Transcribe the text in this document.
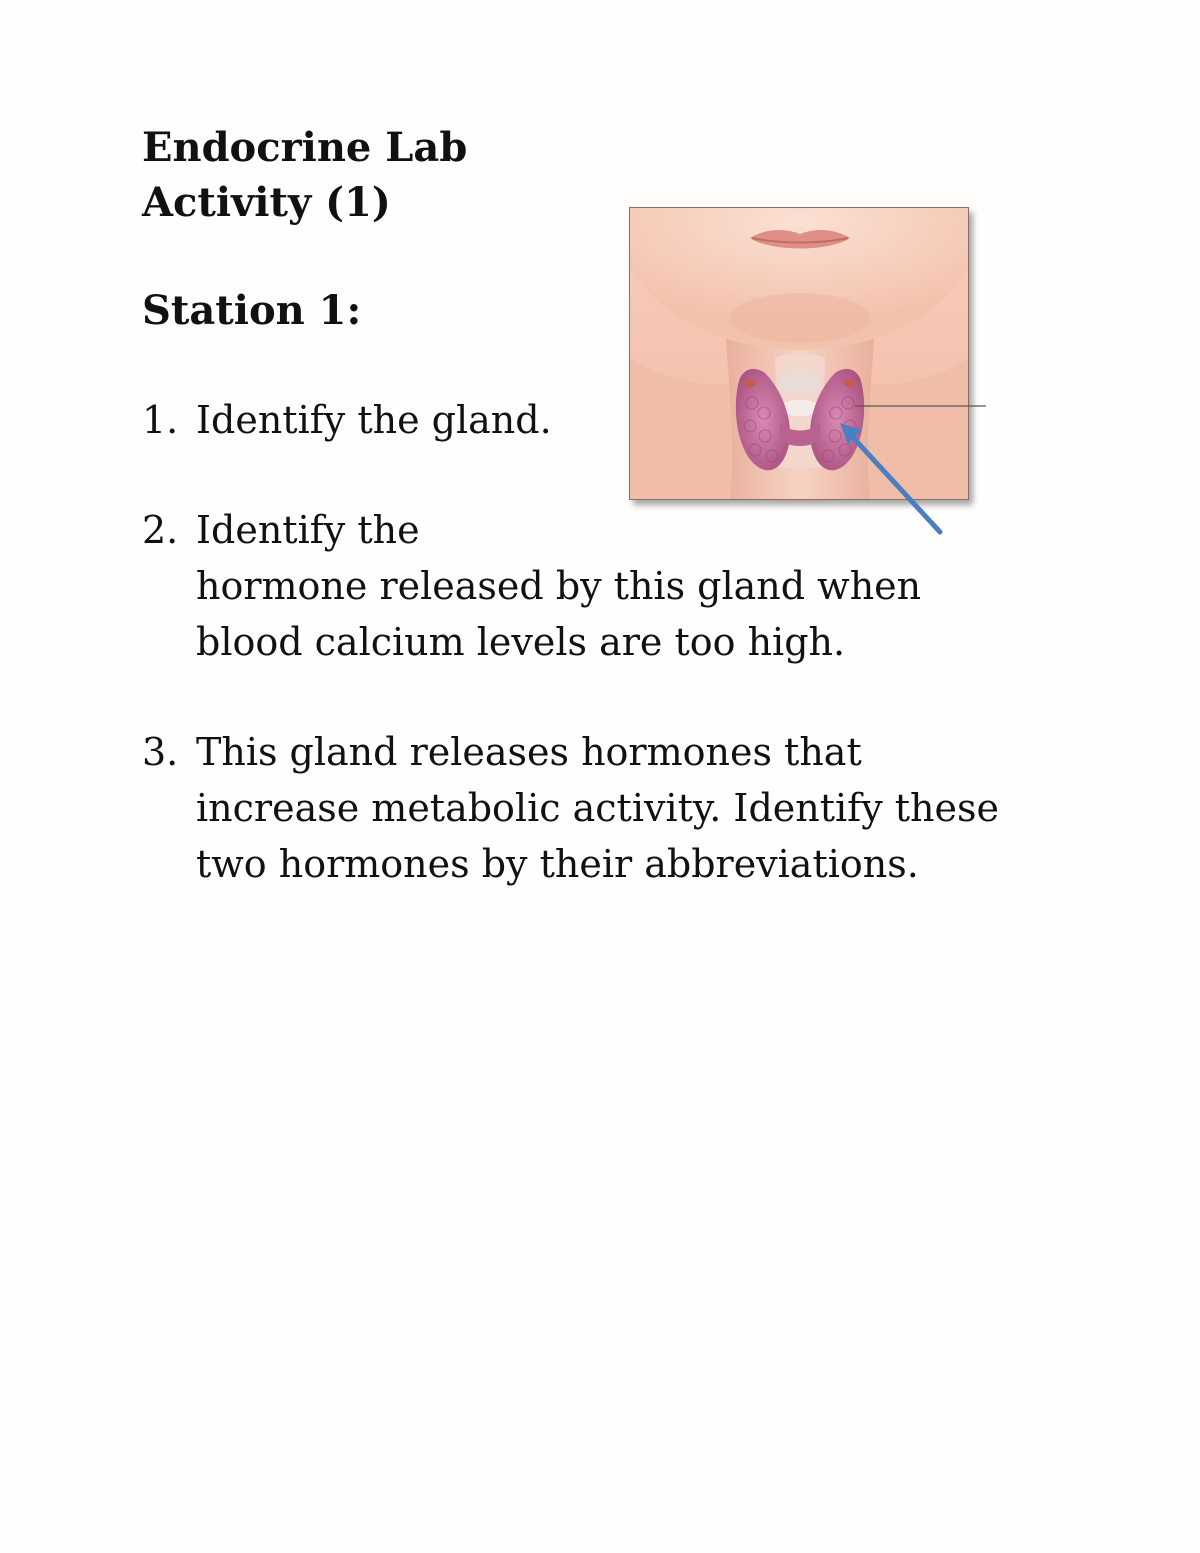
Endocrine Lab
Activity (1)
Station 1:
1. Identify the gland.
2. Identify the
hormone released by this gland when
blood calcium levels are too high.
3. This gland releases hormones that
increase metabolic activity. Identify these
two hormones by their abbreviations.
